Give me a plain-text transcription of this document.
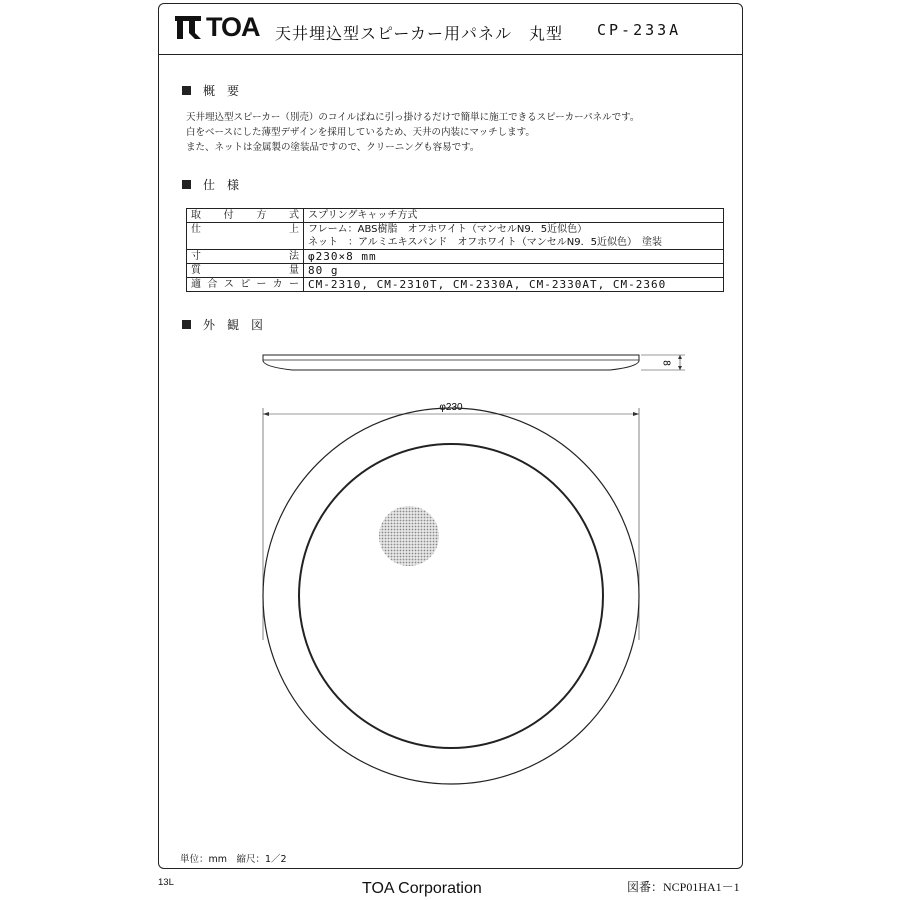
TOA 天井埋込型スピーカー用パネル　丸型 CP-233A
概要
天井埋込型スピーカー（別売）のコイルばねに引っ掛けるだけで簡単に施工できるスピーカーパネルです。
白をベースにした薄型デザインを採用しているため、天井の内装にマッチします。
また、ネットは金属製の塗装品ですので、クリーニングも容易です。
仕様
取付方式	スプリングキャッチ方式
仕上	フレーム：ABS樹脂　オフホワイト（マンセルN9．5近似色）
ネット　：アルミエキスパンド　オフホワイト（マンセルN9．5近似色）　塗装

寸法	φ230×8 mm
質量	80 g
適合スピーカー	CM-2310, CM-2310T, CM-2330A, CM-2330AT, CM-2360
外観図
8
φ230
単位：mm　縮尺：1／2
13L	TOA Corporation	図番：NCP01HA1－1
